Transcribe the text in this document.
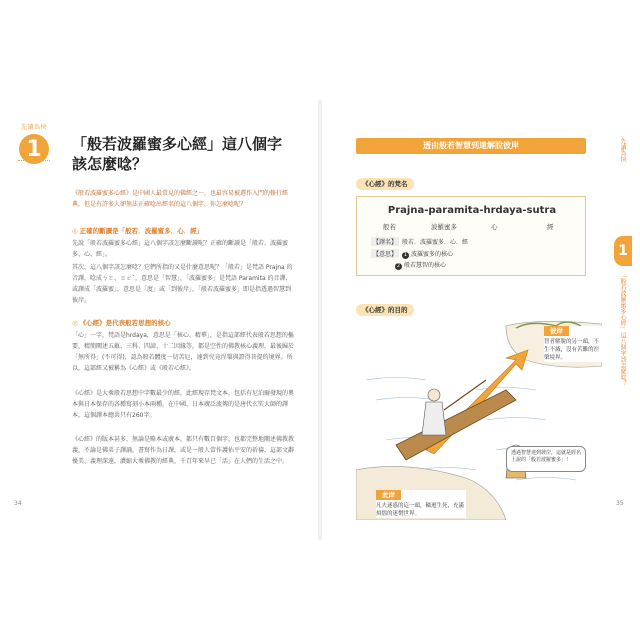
先讀為快
1	「般若波羅蜜多心經」這八個字
該怎麼唸？
《般若波羅蜜多心經》是中國人最常見的佛經之一，也最容易被選作入門的修行經典，但是有許多人卻無法正確唸出經名的這八個字，你怎麼唸呢？
◎ 正確的斷讀是「般若．波羅蜜多．心．經」
先說「般若波羅蜜多心經」這八個字該怎麼斷讀呢？正確的斷讀是「般若、波羅蜜多、心、經」。
其次，這八個字該怎麼唸？它們所指的又是什麼意思呢？「般若」是梵語 Prajna 的音譯，唸成ㄅㄛ、ㄖㄜˇ，意思是「智慧」，「波羅蜜多」是梵語 Paramita 的音譯，或譯成「波羅蜜」，意思是「度」或「到彼岸」，「般若波羅蜜多」即是指透過智慧到彼岸。
◎ 《心經》是代表般若思想的核心
「心」一字，梵語是hrdaya，意思是「核心、精華」，是指這部經代表般若思想的樞要，精簡闡述五蘊、三科、四諦、十二因緣等，都是空性的佛教核心義理，最後歸於「無所得」(不可得)，認為般若體度一切苦厄，達到究竟涅槃與證得菩提的境界。所以，這部經又被稱為《心經》或《般若心經》。
《心經》是大乘般若思想中字數最少的經，此經現存梵文本，包括有尼泊爾發現的奧本與日本保存的各種寫刻小本兩種，在中國、日本廣泛流傳的是唐代玄奘大師的譯本，這個譯本總共只有260字。
《心經》的版本甚多，無論是略本或廣本，都只有數百個字，也都完整地闡述佛教教義，不論是佛弟子譯誦，書寫作為日課，或是一般人當作護佑平安的祈禱，這部文辭優美、義理深遠，濃縮大乘佛教的經典，千百年來早已「活」在人們的生活之中。
34
透由般若智慧到達解脫彼岸
《心經》的梵名
Prajna-paramita-hrdaya-sutra
般若	波羅蜜多	心	經
【譯名】 般若．波羅蜜多．心．經
【意思】 1 波羅蜜多的核心
2 般若慧智的核心
《心經》的目的
彼岸
智者解脫的另一頭，不生不滅，沒有苦難的湼槃境界。
此岸
凡夫迷惑的這一頭，輪迴生死，充滿煩惱的迷惘世界。
透過智慧達到彼岸，這就是經名上說的「般若波羅蜜多」！
先讀為快
1
「般若波羅蜜多心經」這八個字該怎麼唸？
35
